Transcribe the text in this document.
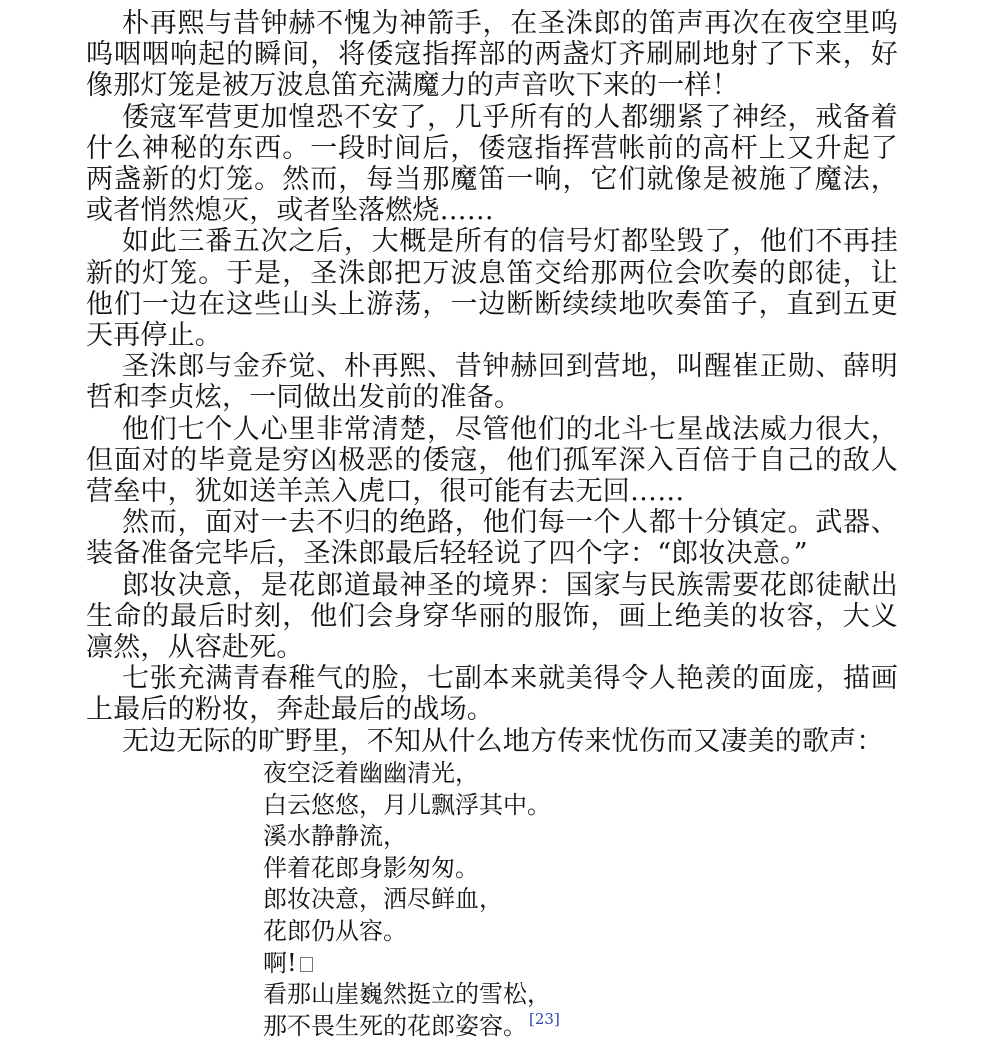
朴再熙与昔钟赫不愧为神箭手，在圣洙郎的笛声再次在夜空里呜呜咽咽响起的瞬间，将倭寇指挥部的两盏灯齐刷刷地射了下来，好像那灯笼是被万波息笛充满魔力的声音吹下来的一样！

倭寇军营更加惶恐不安了，几乎所有的人都绷紧了神经，戒备着什么神秘的东西。一段时间后，倭寇指挥营帐前的高杆上又升起了两盏新的灯笼。然而，每当那魔笛一响，它们就像是被施了魔法，或者悄然熄灭，或者坠落燃烧……

如此三番五次之后，大概是所有的信号灯都坠毁了，他们不再挂新的灯笼。于是，圣洙郎把万波息笛交给那两位会吹奏的郎徒，让他们一边在这些山头上游荡，一边断断续续地吹奏笛子，直到五更天再停止。

圣洙郎与金乔觉、朴再熙、昔钟赫回到营地，叫醒崔正勋、薛明哲和李贞炫，一同做出发前的准备。

他们七个人心里非常清楚，尽管他们的北斗七星战法威力很大，但面对的毕竟是穷凶极恶的倭寇，他们孤军深入百倍于自己的敌人营垒中，犹如送羊羔入虎口，很可能有去无回……

然而，面对一去不归的绝路，他们每一个人都十分镇定。武器、装备准备完毕后，圣洙郎最后轻轻说了四个字：“郎妆决意。”

郎妆决意，是花郎道最神圣的境界：国家与民族需要花郎徒献出生命的最后时刻，他们会身穿华丽的服饰，画上绝美的妆容，大义凛然，从容赴死。

七张充满青春稚气的脸，七副本来就美得令人艳羡的面庞，描画上最后的粉妆，奔赴最后的战场。

无边无际的旷野里，不知从什么地方传来忧伤而又凄美的歌声：

夜空泛着幽幽清光，
白云悠悠，月儿飘浮其中。
溪水静静流，
伴着花郎身影匆匆。
郎妆决意，洒尽鲜血，
花郎仍从容。
啊!
看那山崖巍然挺立的雪松，
那不畏生死的花郎姿容。 [23]
